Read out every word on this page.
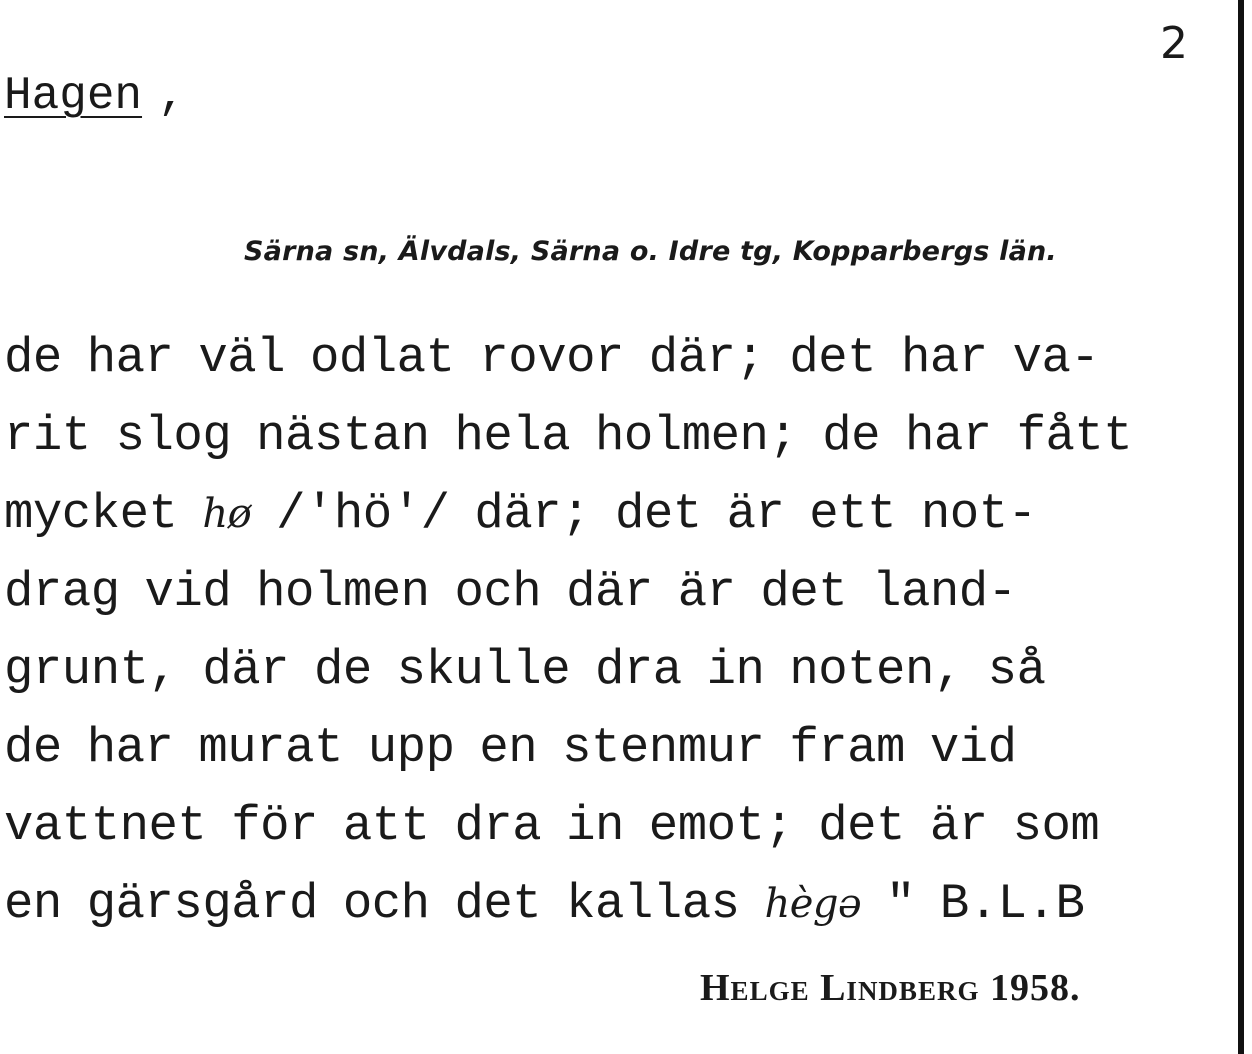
2
Hagen ,
Särna sn, Älvdals, Särna o. Idre tg, Kopparbergs län.
de har väl odlat rovor där; det har va-
rit slog nästan hela holmen; de har fått
mycket hø /'hö'/ där; det är ett not-
drag vid holmen och där är det land-
grunt, där de skulle dra in noten, så
de har murat upp en stenmur fram vid
vattnet för att dra in emot; det är som
en gärsgård och det kallas hègə " B.L.B
Helge Lindberg 1958.
